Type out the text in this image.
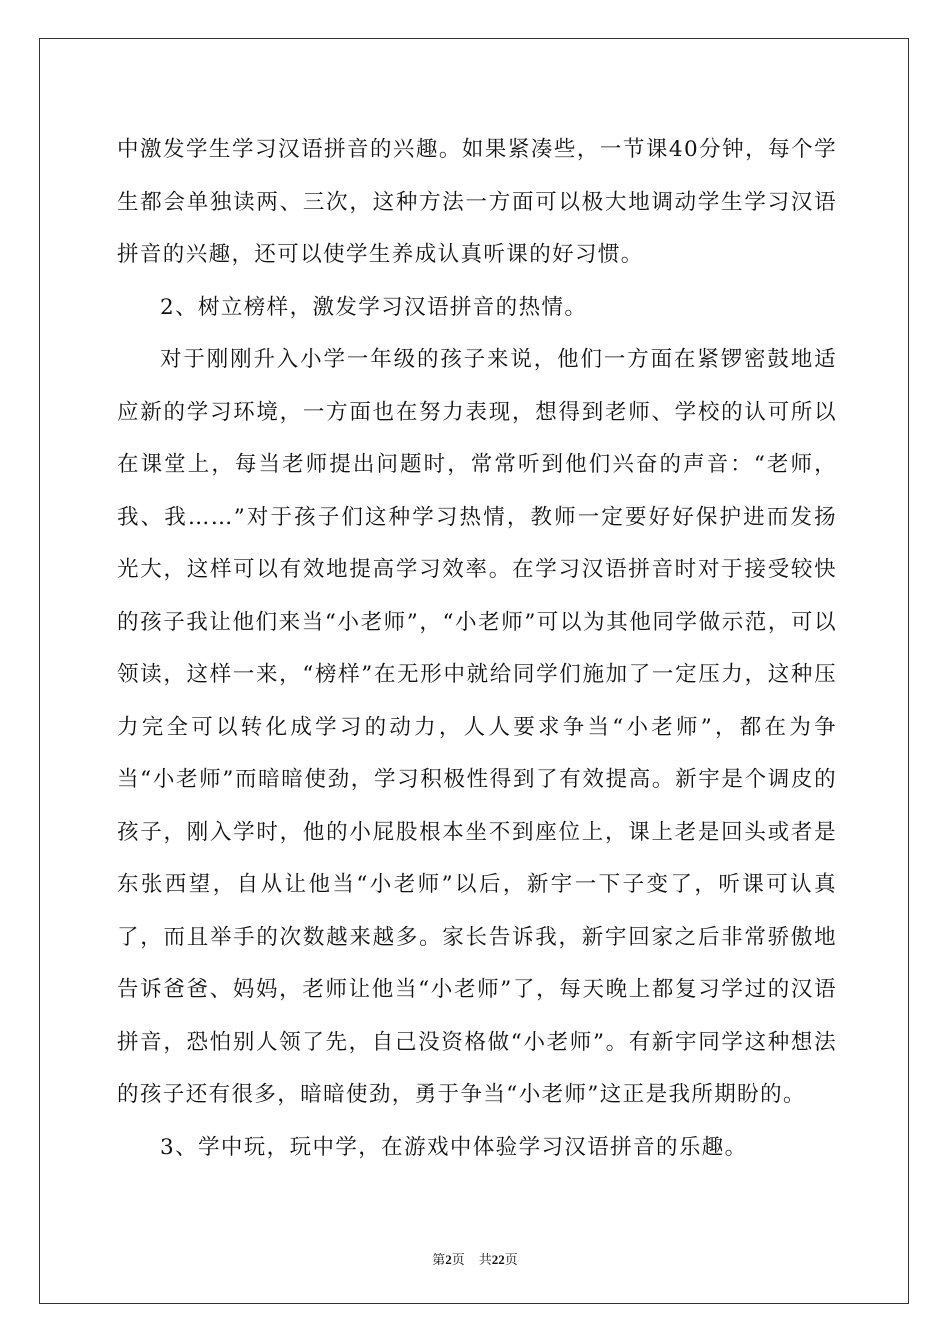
中激发学生学习汉语拼音的兴趣。如果紧凑些，一节课40分钟，每个学生都会单独读两、三次，这种方法一方面可以极大地调动学生学习汉语拼音的兴趣，还可以使学生养成认真听课的好习惯。

2、树立榜样，激发学习汉语拼音的热情。

对于刚刚升入小学一年级的孩子来说，他们一方面在紧锣密鼓地适应新的学习环境，一方面也在努力表现，想得到老师、学校的认可所以在课堂上，每当老师提出问题时，常常听到他们兴奋的声音：“老师，我、我……”对于孩子们这种学习热情，教师一定要好好保护进而发扬光大，这样可以有效地提高学习效率。在学习汉语拼音时对于接受较快的孩子我让他们来当“小老师”，“小老师”可以为其他同学做示范，可以领读，这样一来，“榜样”在无形中就给同学们施加了一定压力，这种压力完全可以转化成学习的动力，人人要求争当“小老师”，都在为争当“小老师”而暗暗使劲，学习积极性得到了有效提高。新宇是个调皮的孩子，刚入学时，他的小屁股根本坐不到座位上，课上老是回头或者是东张西望，自从让他当“小老师”以后，新宇一下子变了，听课可认真了，而且举手的次数越来越多。家长告诉我，新宇回家之后非常骄傲地告诉爸爸、妈妈，老师让他当“小老师”了，每天晚上都复习学过的汉语拼音，恐怕别人领了先，自己没资格做“小老师”。有新宇同学这种想法的孩子还有很多，暗暗使劲，勇于争当“小老师”这正是我所期盼的。

3、学中玩，玩中学，在游戏中体验学习汉语拼音的乐趣。

第2页 共22页
